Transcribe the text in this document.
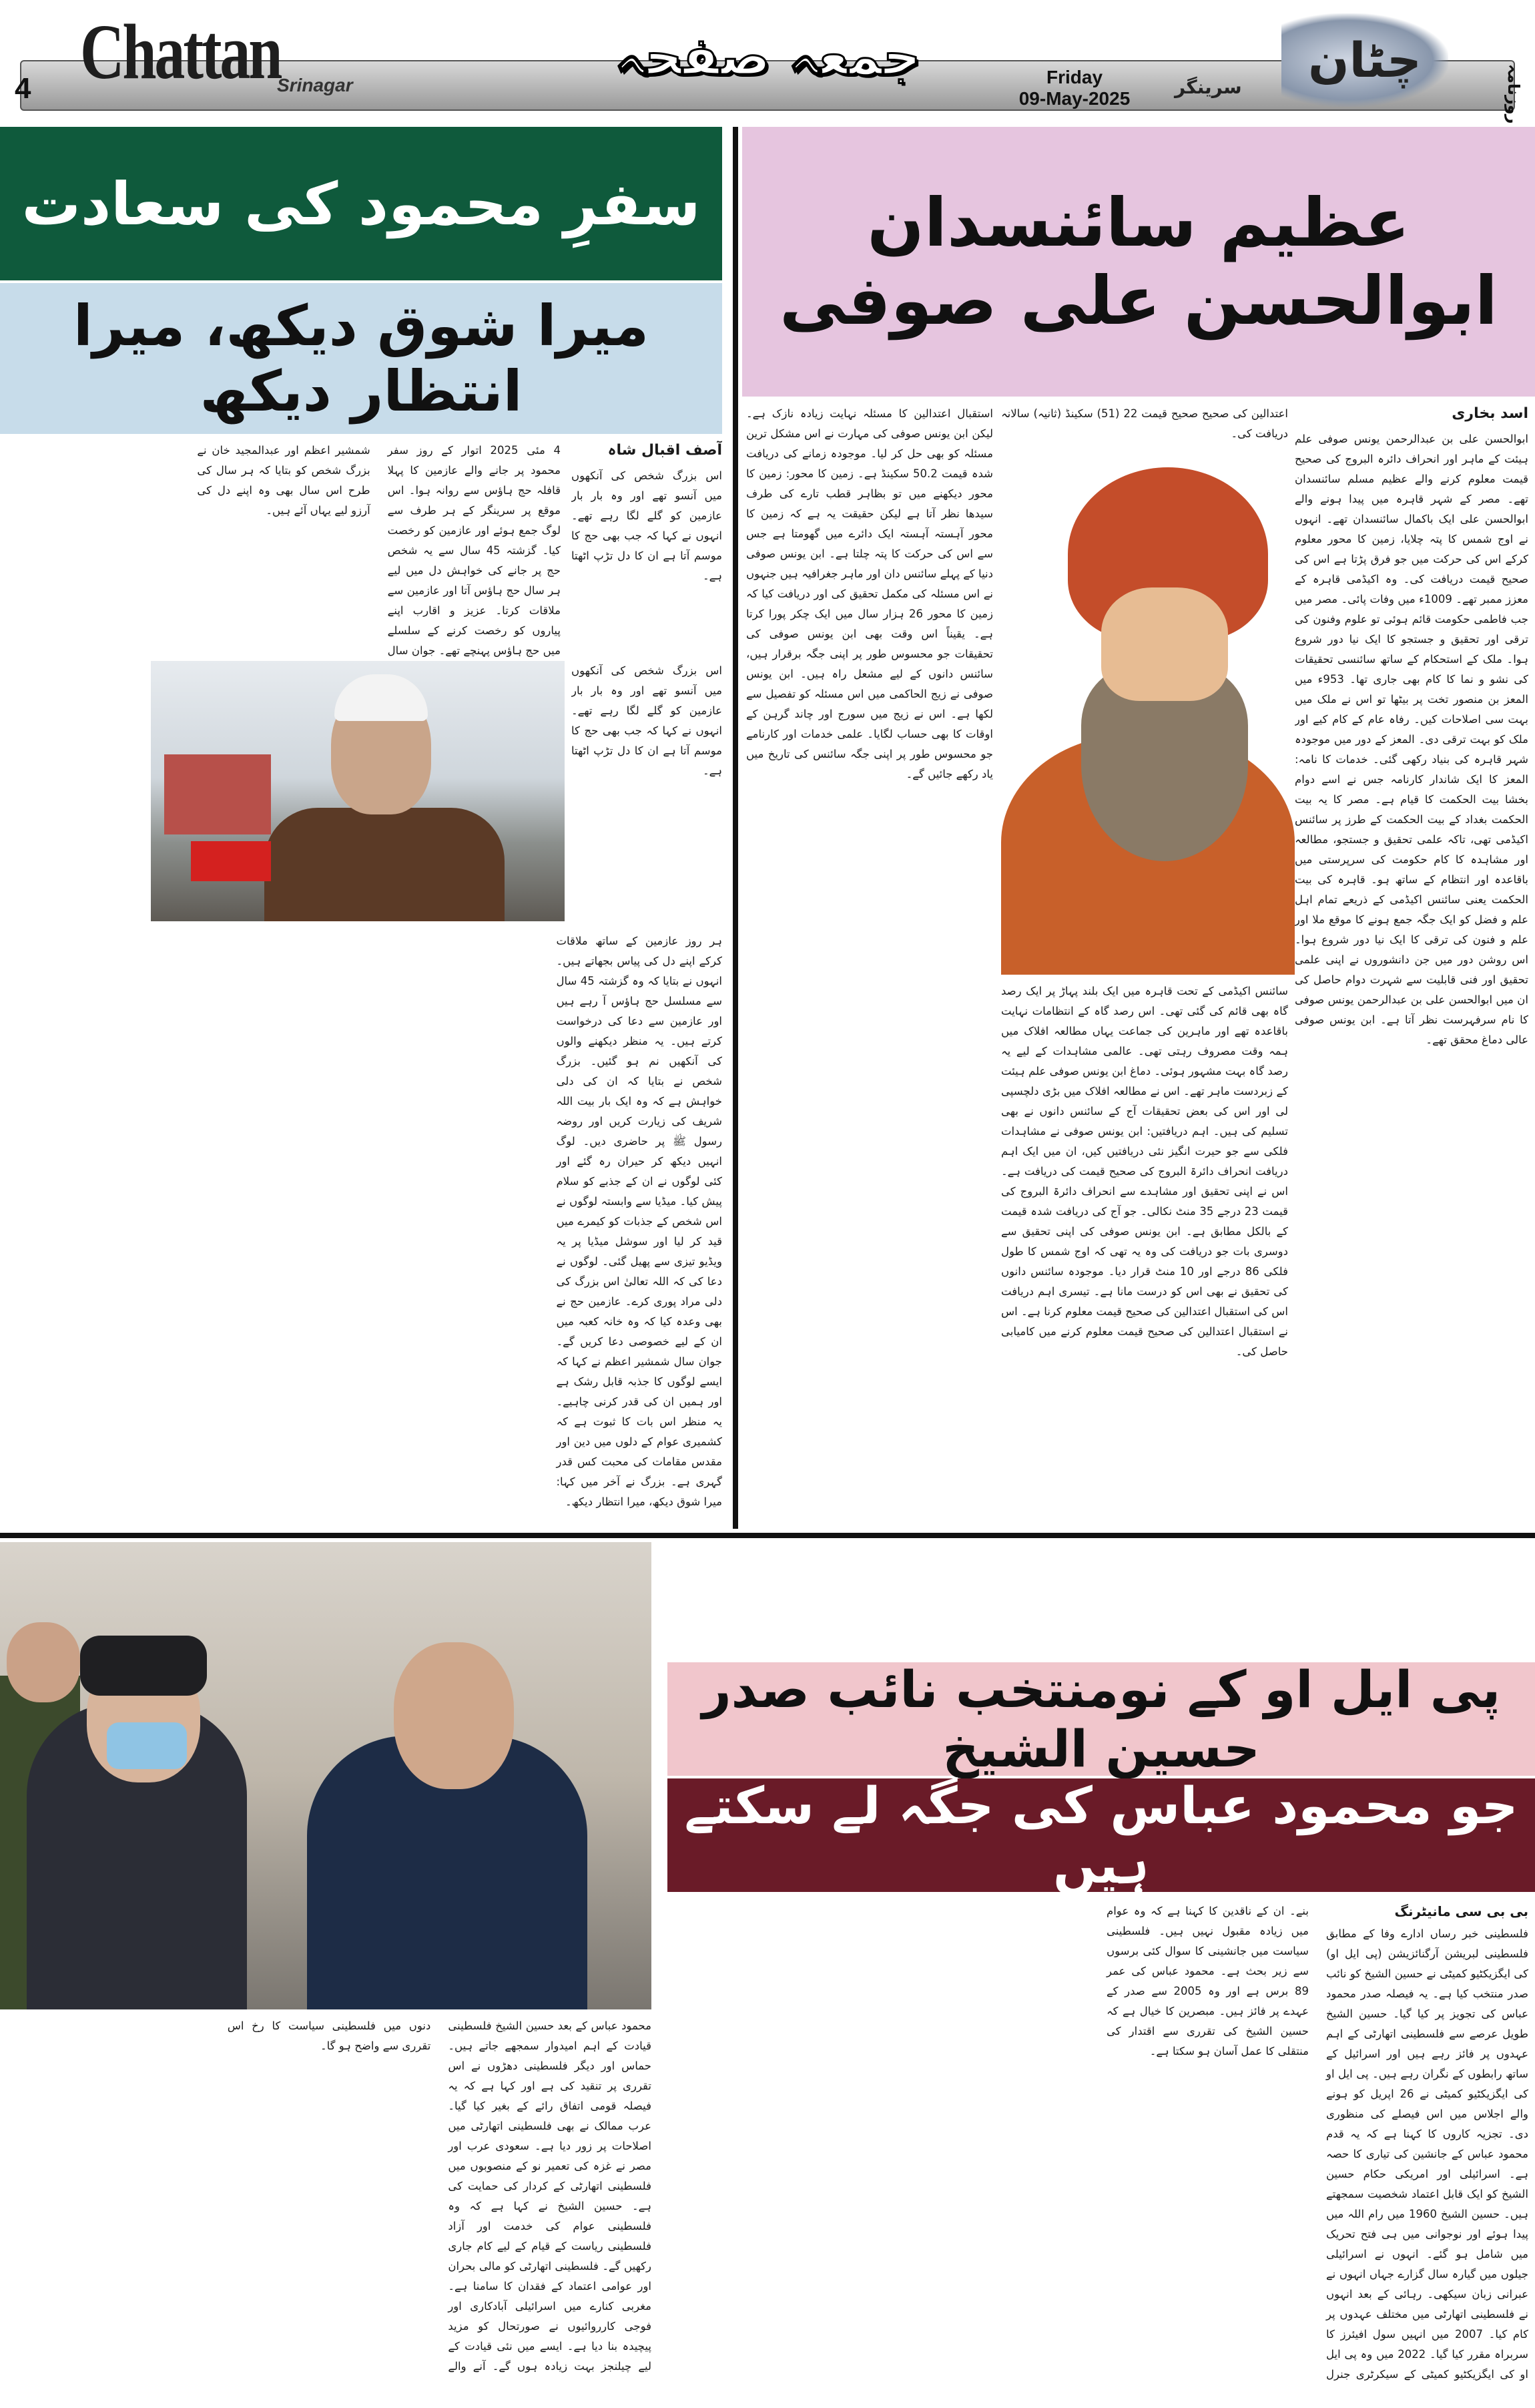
4 Chattan
Srinagar	جمعہ صفحہ	Friday
09-May-2025
سرینگر	چٹان
روزنامہ
سفرِ محمود کی سعادت
میرا شوق دیکھ، میرا انتظار دیکھ

آصف اقبال شاہ

اس بزرگ شخص کی آنکھوں میں آنسو تھے اور وہ بار بار عازمین کو گلے لگا رہے تھے۔ انہوں نے کہا کہ جب بھی حج کا موسم آتا ہے ان کا دل تڑپ اٹھتا ہے۔

4 مئی 2025 اتوار کے روز سفر محمود پر جانے والے عازمین کا پہلا قافلہ حج ہاؤس سے روانہ ہوا۔ اس موقع پر سرینگر کے ہر طرف سے لوگ جمع ہوئے اور عازمین کو رخصت کیا۔ گزشتہ 45 سال سے یہ شخص حج پر جانے کی خواہش دل میں لیے ہر سال حج ہاؤس آتا اور عازمین سے ملاقات کرتا۔ عزیز و اقارب اپنے پیاروں کو رخصت کرنے کے سلسلے میں حج ہاؤس پہنچے تھے۔ جوان سال شمشیر اعظم اور عبدالمجید خان نے بزرگ شخص کو بتایا کہ ہر سال کی طرح اس سال بھی وہ اپنے دل کی آرزو لیے یہاں آئے ہیں۔

اس بزرگ شخص کی آنکھوں میں آنسو تھے اور وہ بار بار عازمین کو گلے لگا رہے تھے۔ انہوں نے کہا کہ جب بھی حج کا موسم آتا ہے ان کا دل تڑپ اٹھتا ہے۔

ہر روز عازمین کے ساتھ ملاقات کرکے اپنے دل کی پیاس بجھاتے ہیں۔ انہوں نے بتایا کہ وہ گزشتہ 45 سال سے مسلسل حج ہاؤس آ رہے ہیں اور عازمین سے دعا کی درخواست کرتے ہیں۔ یہ منظر دیکھنے والوں کی آنکھیں نم ہو گئیں۔ بزرگ شخص نے بتایا کہ ان کی دلی خواہش ہے کہ وہ ایک بار بیت اللہ شریف کی زیارت کریں اور روضہ رسول ﷺ پر حاضری دیں۔ لوگ انہیں دیکھ کر حیران رہ گئے اور کئی لوگوں نے ان کے جذبے کو سلام پیش کیا۔ میڈیا سے وابستہ لوگوں نے اس شخص کے جذبات کو کیمرے میں قید کر لیا اور سوشل میڈیا پر یہ ویڈیو تیزی سے پھیل گئی۔ لوگوں نے دعا کی کہ اللہ تعالیٰ اس بزرگ کی دلی مراد پوری کرے۔ عازمین حج نے بھی وعدہ کیا کہ وہ خانہ کعبہ میں ان کے لیے خصوصی دعا کریں گے۔ جوان سال شمشیر اعظم نے کہا کہ ایسے لوگوں کا جذبہ قابل رشک ہے اور ہمیں ان کی قدر کرنی چاہیے۔ یہ منظر اس بات کا ثبوت ہے کہ کشمیری عوام کے دلوں میں دین اور مقدس مقامات کی محبت کس قدر گہری ہے۔ بزرگ نے آخر میں کہا: میرا شوق دیکھ، میرا انتظار دیکھ۔

عظیم سائنسدان ابوالحسن علی صوفی

اسد بخاری

ابوالحسن علی بن عبدالرحمن یونس صوفی علم ہیئت کے ماہر اور انحراف دائرہ البروج کی صحیح قیمت معلوم کرنے والے عظیم مسلم سائنسدان تھے۔ مصر کے شہر قاہرہ میں پیدا ہونے والے ابوالحسن علی ایک باکمال سائنسدان تھے۔ انہوں نے اوج شمس کا پتہ چلایا، زمین کا محور معلوم کرکے اس کی حرکت میں جو فرق پڑتا ہے اس کی صحیح قیمت دریافت کی۔ وہ اکیڈمی قاہرہ کے معزز ممبر تھے۔ 1009ء میں وفات پائی۔ مصر میں جب فاطمی حکومت قائم ہوئی تو علوم وفنون کی ترقی اور تحقیق و جستجو کا ایک نیا دور شروع ہوا۔ ملک کے استحکام کے ساتھ سائنسی تحقیقات کی نشو و نما کا کام بھی جاری تھا۔ 953ء میں المعز بن منصور تخت پر بیٹھا تو اس نے ملک میں بہت سی اصلاحات کیں۔ رفاہ عام کے کام کیے اور ملک کو بہت ترقی دی۔ المعز کے دور میں موجودہ شہر قاہرہ کی بنیاد رکھی گئی۔ خدمات کا نامہ: المعز کا ایک شاندار کارنامہ جس نے اسے دوام بخشا بیت الحکمت کا قیام ہے۔ مصر کا یہ بیت الحکمت بغداد کے بیت الحکمت کے طرز پر سائنس اکیڈمی تھی، تاکہ علمی تحقیق و جستجو، مطالعہ اور مشاہدہ کا کام حکومت کی سرپرستی میں باقاعدہ اور انتظام کے ساتھ ہو۔ قاہرہ کی بیت الحکمت یعنی سائنس اکیڈمی کے ذریعے تمام اہل علم و فضل کو ایک جگہ جمع ہونے کا موقع ملا اور علم و فنون کی ترقی کا ایک نیا دور شروع ہوا۔ اس روشن دور میں جن دانشوروں نے اپنی علمی تحقیق اور فنی قابلیت سے شہرت دوام حاصل کی ان میں ابوالحسن علی بن عبدالرحمن یونس صوفی کا نام سرفہرست نظر آتا ہے۔ ابن یونس صوفی عالی دماغ محقق تھے۔

اعتدالین کی صحیح صحیح قیمت 22 (51) سکینڈ (ثانیہ) سالانہ دریافت کی۔

سائنس اکیڈمی کے تحت قاہرہ میں ایک بلند پہاڑ پر ایک رصد گاہ بھی قائم کی گئی تھی۔ اس رصد گاہ کے انتظامات نہایت باقاعدہ تھے اور ماہرین کی جماعت یہاں مطالعہ افلاک میں ہمہ وقت مصروف رہتی تھی۔ عالمی مشاہدات کے لیے یہ رصد گاہ بہت مشہور ہوئی۔ دماغ ابن یونس صوفی علم ہیئت کے زبردست ماہر تھے۔ اس نے مطالعہ افلاک میں بڑی دلچسپی لی اور اس کی بعض تحقیقات آج کے سائنس دانوں نے بھی تسلیم کی ہیں۔ اہم دریافتیں: ابن یونس صوفی نے مشاہدات فلکی سے جو حیرت انگیز نئی دریافتیں کیں، ان میں ایک اہم دریافت انحراف دائرۃ البروج کی صحیح قیمت کی دریافت ہے۔ اس نے اپنی تحقیق اور مشاہدے سے انحراف دائرۃ البروج کی قیمت 23 درجے 35 منٹ نکالی۔ جو آج کی دریافت شدہ قیمت کے بالکل مطابق ہے۔ ابن یونس صوفی کی اپنی تحقیق سے دوسری بات جو دریافت کی وہ یہ تھی کہ اوج شمس کا طول فلکی 86 درجے اور 10 منٹ قرار دیا۔ موجودہ سائنس دانوں کی تحقیق نے بھی اس کو درست مانا ہے۔ تیسری اہم دریافت اس کی استقبال اعتدالین کی صحیح قیمت معلوم کرنا ہے۔ اس نے استقبال اعتدالین کی صحیح قیمت معلوم کرنے میں کامیابی حاصل کی۔

استقبال اعتدالین کا مسئلہ نہایت زیادہ نازک ہے۔ لیکن ابن یونس صوفی کی مہارت نے اس مشکل ترین مسئلہ کو بھی حل کر لیا۔ موجودہ زمانے کی دریافت شدہ قیمت 50.2 سکینڈ ہے۔ زمین کا محور: زمین کا محور دیکھنے میں تو بظاہر قطب تارے کی طرف سیدھا نظر آتا ہے لیکن حقیقت یہ ہے کہ زمین کا محور آہستہ آہستہ ایک دائرے میں گھومتا ہے جس سے اس کی حرکت کا پتہ چلتا ہے۔ ابن یونس صوفی دنیا کے پہلے سائنس دان اور ماہر جغرافیہ ہیں جنہوں نے اس مسئلہ کی مکمل تحقیق کی اور دریافت کیا کہ زمین کا محور 26 ہزار سال میں ایک چکر پورا کرتا ہے۔ یقیناً اس وقت بھی ابن یونس صوفی کی تحقیقات جو محسوس طور پر اپنی جگہ برقرار ہیں، سائنس دانوں کے لیے مشعل راہ ہیں۔ ابن یونس صوفی نے زیج الحاکمی میں اس مسئلہ کو تفصیل سے لکھا ہے۔ اس نے زیج میں سورج اور چاند گرہن کے اوقات کا بھی حساب لگایا۔ علمی خدمات اور کارنامے جو محسوس طور پر اپنی جگہ سائنس کی تاریخ میں یاد رکھے جائیں گے۔

پی ایل او کے نومنتخب نائب صدر حسین الشیخ
جو محمود عباس کی جگہ لے سکتے ہیں

بی بی سی مانیٹرنگ

فلسطینی خبر رساں ادارے وفا کے مطابق فلسطینی لبریشن آرگنائزیشن (پی ایل او) کی ایگزیکٹیو کمیٹی نے حسین الشیخ کو نائب صدر منتخب کیا ہے۔ یہ فیصلہ صدر محمود عباس کی تجویز پر کیا گیا۔ حسین الشیخ طویل عرصے سے فلسطینی اتھارٹی کے اہم عہدوں پر فائز رہے ہیں اور اسرائیل کے ساتھ رابطوں کے نگران رہے ہیں۔ پی ایل او کی ایگزیکٹیو کمیٹی نے 26 اپریل کو ہونے والے اجلاس میں اس فیصلے کی منظوری دی۔ تجزیہ کاروں کا کہنا ہے کہ یہ قدم محمود عباس کے جانشین کی تیاری کا حصہ ہے۔ اسرائیلی اور امریکی حکام حسین الشیخ کو ایک قابل اعتماد شخصیت سمجھتے ہیں۔ حسین الشیخ 1960 میں رام اللہ میں پیدا ہوئے اور نوجوانی میں ہی فتح تحریک میں شامل ہو گئے۔ انہوں نے اسرائیلی جیلوں میں گیارہ سال گزارے جہاں انہوں نے عبرانی زبان سیکھی۔ رہائی کے بعد انہوں نے فلسطینی اتھارٹی میں مختلف عہدوں پر کام کیا۔ 2007 میں انہیں سول افیئرز کا سربراہ مقرر کیا گیا۔ 2022 میں وہ پی ایل او کی ایگزیکٹیو کمیٹی کے سیکرٹری جنرل بنے۔ ان کے ناقدین کا کہنا ہے کہ وہ عوام میں زیادہ مقبول نہیں ہیں۔ فلسطینی سیاست میں جانشینی کا سوال کئی برسوں سے زیر بحث ہے۔ محمود عباس کی عمر 89 برس ہے اور وہ 2005 سے صدر کے عہدے پر فائز ہیں۔ مبصرین کا خیال ہے کہ حسین الشیخ کی تقرری سے اقتدار کی منتقلی کا عمل آسان ہو سکتا ہے۔

محمود عباس کے بعد حسین الشیخ فلسطینی قیادت کے اہم امیدوار سمجھے جاتے ہیں۔ حماس اور دیگر فلسطینی دھڑوں نے اس تقرری پر تنقید کی ہے اور کہا ہے کہ یہ فیصلہ قومی اتفاق رائے کے بغیر کیا گیا۔ عرب ممالک نے بھی فلسطینی اتھارٹی میں اصلاحات پر زور دیا ہے۔ سعودی عرب اور مصر نے غزہ کی تعمیر نو کے منصوبوں میں فلسطینی اتھارٹی کے کردار کی حمایت کی ہے۔ حسین الشیخ نے کہا ہے کہ وہ فلسطینی عوام کی خدمت اور آزاد فلسطینی ریاست کے قیام کے لیے کام جاری رکھیں گے۔ فلسطینی اتھارٹی کو مالی بحران اور عوامی اعتماد کے فقدان کا سامنا ہے۔ مغربی کنارے میں اسرائیلی آبادکاری اور فوجی کارروائیوں نے صورتحال کو مزید پیچیدہ بنا دیا ہے۔ ایسے میں نئی قیادت کے لیے چیلنجز بہت زیادہ ہوں گے۔ آنے والے دنوں میں فلسطینی سیاست کا رخ اس تقرری سے واضح ہو گا۔
